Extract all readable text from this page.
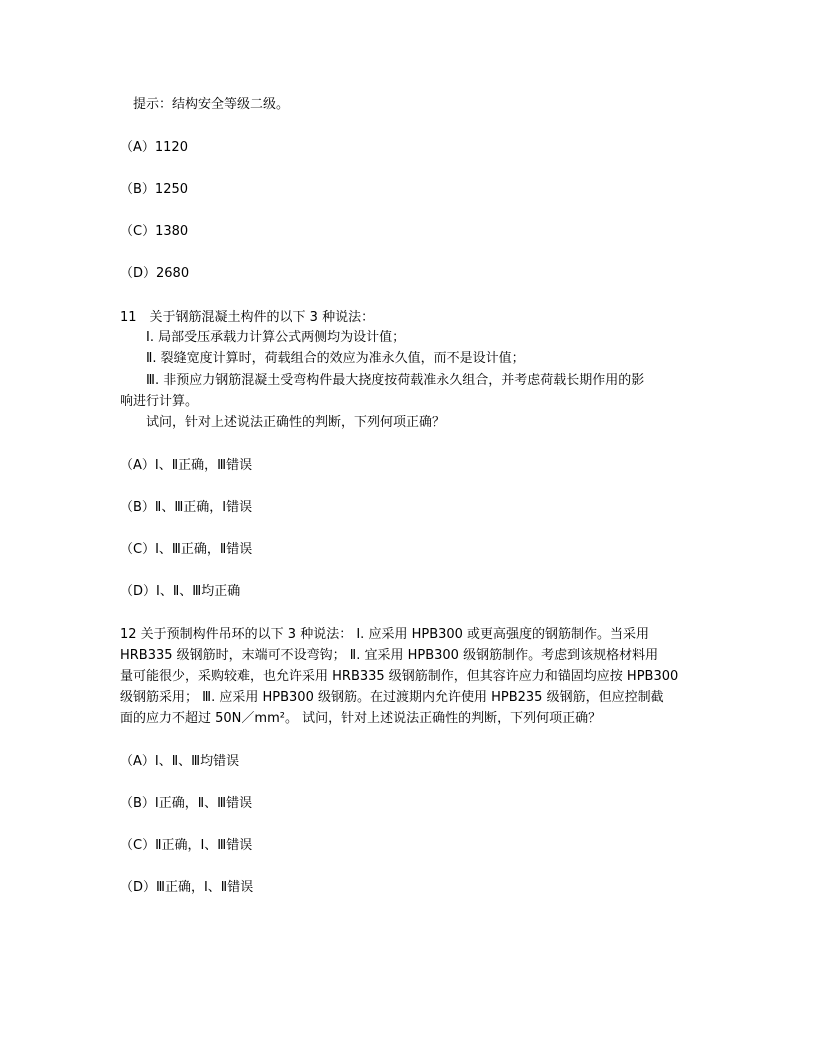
提示：结构安全等级二级。
（A）1120
（B）1250
（C）1380
（D）2680
11　关于钢筋混凝土构件的以下 3 种说法：
Ⅰ. 局部受压承载力计算公式两侧均为设计值；
Ⅱ. 裂缝宽度计算时，荷载组合的效应为准永久值，而不是设计值；
Ⅲ. 非预应力钢筋混凝土受弯构件最大挠度按荷载准永久组合，并考虑荷载长期作用的影
响进行计算。
试问，针对上述说法正确性的判断，下列何项正确？
（A）Ⅰ、Ⅱ正确，Ⅲ错误
（B）Ⅱ、Ⅲ正确，Ⅰ错误
（C）Ⅰ、Ⅲ正确，Ⅱ错误
（D）Ⅰ、Ⅱ、Ⅲ均正确
12 关于预制构件吊环的以下 3 种说法： Ⅰ. 应采用 HPB300 或更高强度的钢筋制作。当采用
HRB335 级钢筋时，末端可不设弯钩； Ⅱ. 宜采用 HPB300 级钢筋制作。考虑到该规格材料用
量可能很少，采购较难，也允许采用 HRB335 级钢筋制作，但其容许应力和锚固均应按 HPB300
级钢筋采用； Ⅲ. 应采用 HPB300 级钢筋。在过渡期内允许使用 HPB235 级钢筋，但应控制截
面的应力不超过 50N／mm²。 试问，针对上述说法正确性的判断，下列何项正确？
（A）Ⅰ、Ⅱ、Ⅲ均错误
（B）Ⅰ正确，Ⅱ、Ⅲ错误
（C）Ⅱ正确，Ⅰ、Ⅲ错误
（D）Ⅲ正确，Ⅰ、Ⅱ错误
